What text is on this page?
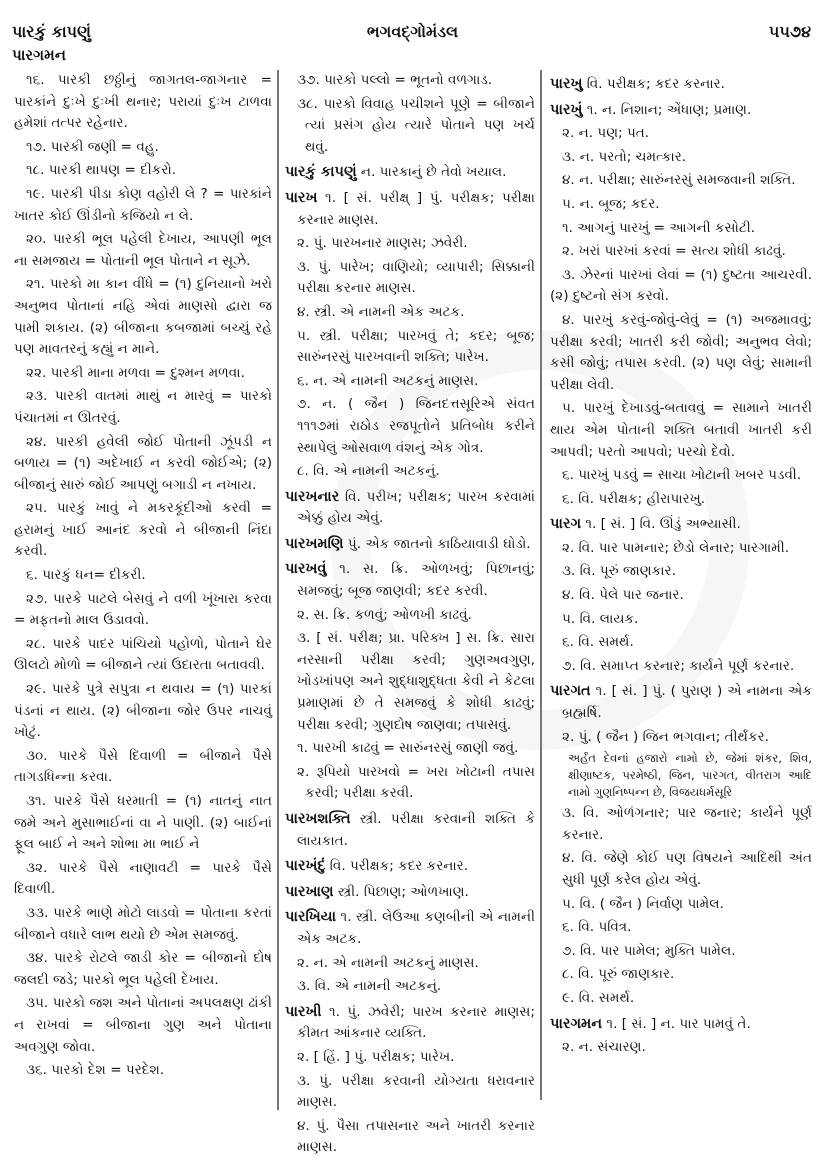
પારકું કાપણું	ભગવદ્ગોમંડલ	૫૫૭૪
પારગમન

૧૬. પારકી છઠ્ઠીનું જાગતલ-જાગનાર = પારકાંને દુઃખે દુઃખી થનાર; પરાયાં દુઃખ ટાળવા હમેશાં તત્પર રહેનાર.

૧૭. પારકી જણી = વહુ.

૧૮. પારકી થાપણ = દીકરો.

૧૯. પારકી પીડા કોણ વહોરી લે ? = પારકાંને ખાતર કોઈ ઊંડીનો કજિયો ન લે.

૨૦. પારકી ભૂલ પહેલી દેખાય, આપણી ભૂલ ના સમજાય = પોતાની ભૂલ પોતાને ન સૂઝે.

૨૧. પારકો મા કાન વીંધે = (૧) દુનિયાનો ખરો અનુભવ પોતાનાં નહિ એવાં માણસો દ્વારા જ પામી શકાય. (૨) બીજાના કબજામાં બચ્ચું રહે પણ માવતરનું કહ્યું ન માને.

૨૨. પારકી માના મળવા = દુશ્મન મળવા.

૨૩. પારકી વાતમાં માથું ન મારવું = પારકો પંચાતમાં ન ઊતરવું.

૨૪. પારકી હવેલી જોઈ પોતાની ઝૂંપડી ન બળાય = (૧) અદેખાઈ ન કરવી જોઈએ; (૨) બીજાનું સારું જોઈ આપણું બગાડી ન નખાય.

૨૫. પારકું ખાવું ને મકરકૂંદીઓ કરવી = હરામનું ખાઈ આનંદ કરવો ને બીજાની નિંદા કરવી.

૬. પારકું ધન= દીકરી.

૨૭. પારકે પાટલે બેસવું ને વળી ખૂંખારા કરવા = મફતનો માલ ઉડાવવો.

૨૮. પારકે પાદર પાંચિયો પહોળો, પોતાને ઘેર ઊલટો મોળો = બીજાને ત્યાં ઉદારતા બતાવવી.

૨૯. પારકે પુત્રે સપુત્રા ન થવાય = (૧) પારકાં પંડનાં ન થાય. (૨) બીજાના જોર ઉપર નાચવું ખોટું.

૩૦. પારકે પૈસે દિવાળી = બીજાને પૈસે તાગડધિન્ના કરવા.

૩૧. પારકે પૈસે ધરમાતી = (૧) નાતનું નાત જમે અને મુસાભાઈનાં વા ને પાણી. (૨) બાઈનાં ફૂલ બાઈ ને અને શોભા મા ભાઈ ને

૩૨. પારકે પૈસે નાણાવટી = પારકે પૈસે દિવાળી.

૩૩. પારકે ભાણે મોટો લાડવો = પોતાના કરતાં બીજાને વધારે લાભ થયો છે એમ સમજવું.

૩૪. પારકે રોટલે જાડી કોર = બીજાનો દોષ જલદી જડે; પારકો ભૂલ પહેલી દેખાય.

૩૫. પારકો જશ અને પોતાનાં અપલક્ષણ ઢાંકી ન રાખવાં = બીજાના ગુણ અને પોતાના અવગુણ જોવા.

૩૬. પારકો દેશ = પરદેશ.

૩૭. પારકો પલ્લો = ભૂતનો વળગાડ.

૩૮. પારકો વિવાહ પચીશને પૂણે = બીજાને ત્યાં પ્રસંગ હોય ત્યારે પોતાને પણ ખર્ચ થવું.

પારકું કાપણું ન. પારકાનું છે તેવો ખયાલ.

પારખ ૧. [ સં. પરીક્ષ્ ] પું. પરીક્ષક; પરીક્ષા કરનાર માણસ.

૨. પું. પારખનાર માણસ; ઝવેરી.

૩. પું. પારેખ; વાણિયો; વ્યાપારી; સિક્કાની પરીક્ષા કરનાર માણસ.

૪. સ્ત્રી. એ નામની એક અટક.

૫. સ્ત્રી. પરીક્ષા; પારખવું તે; કદર; બૂજ; સારુંનરસું પારખવાની શક્તિ; પારેખ.

૬. ન. એ નામની અટકનું માણસ.

૭. ન. ( જૈન ) જિનદત્તસૂરિએ સંવત ૧૧૧૭માં રાઠોડ રજપૂતોને પ્રતિબોધ કરીને સ્થાપેલું ઓસવાળ વંશનું એક ગોત્ર.

૮. વિ. એ નામની અટકનું.

પારખનાર વિ. પરીખ; પરીક્ષક; પારખ કરવામાં એક્કું હોય એવું.

પારખમણિ પું. એક જાતનો કાઠિયાવાડી ઘોડો.

પારખવું ૧. સ. ક્રિ. ઓળખવું; પિછાનવું; સમજવું; બૂજ જાણવી; કદર કરવી.

૨. સ. ક્રિ. કળવું; ઓળખી કાઢવું.

૩. [ સં. પરીક્ષ; પ્રા. પરિક્ખ ] સ. ક્રિ. સારા નરસાની પરીક્ષા કરવી; ગુણઅવગુણ, ખોડખાંપણ અને શુદ્ધાશુદ્ધતા કેવી ને કેટલા પ્રમાણમાં છે તે સમજવું કે શોધી કાઢવું; પરીક્ષા કરવી; ગુણદોષ જાણવા; તપાસવું.

૧. પારખી કાઢવું = સારુંનરસું જાણી જવું.

૨. રૂપિયો પારખવો = ખરા ખોટાની તપાસ કરવી; પરીક્ષા કરવી.

પારખશક્તિ સ્ત્રી. પરીક્ષા કરવાની શક્તિ કે લાયકાત.

પારખંદું વિ. પરીક્ષક; કદર કરનાર.

પારખાણ સ્ત્રી. પિછાણ; ઓળખાણ.

પારખિયા ૧. સ્ત્રી. લેઉઆ કણબીની એ નામની એક અટક.

૨. ન. એ નામની અટકનું માણસ.

૩. વિ. એ નામની અટકનું.

પારખી ૧. પું. ઝવેરી; પારખ કરનાર માણસ; કીમત આંકનાર વ્યક્તિ.

૨. [ હિં. ] પું. પરીક્ષક; પારેખ.

૩. પું. પરીક્ષા કરવાની યોગ્યતા ધરાવનાર માણસ.

૪. પું. પૈસા તપાસનાર અને ખાતરી કરનાર માણસ.

પારખુ વિ. પરીક્ષક; કદર કરનાર.

પારખું ૧. ન. નિશાન; એંધાણ; પ્રમાણ.

૨. ન. પણ; પત.

૩. ન. પરતો; ચમત્કાર.

૪. ન. પરીક્ષા; સારુંનરસું સમજવાની શક્તિ.

૫. ન. બૂજ; કદર.

૧. આગનું પારખું = આગની કસોટી.

૨. ખરાં પારખાં કરવાં = સત્ય શોધી કાઢવું.

૩. ઝેરનાં પારખાં લેવાં = (૧) દુષ્ટતા આચરવી. (૨) દુષ્ટનો સંગ કરવો.

૪. પારખું કરવું-જોવું-લેવું = (૧) અજમાવવું; પરીક્ષા કરવી; ખાતરી કરી જોવી; અનુભવ લેવો; કસી જોવું; તપાસ કરવી. (૨) પણ લેવું; સામાની પરીક્ષા લેવી.

૫. પારખું દેખાડવું-બતાવવું = સામાને ખાતરી થાય એમ પોતાની શક્તિ બતાવી ખાતરી કરી આપવી; પરતો આપવો; પરચો દેવો.

૬. પારખું પડવું = સાચા ખોટાની ખબર પડવી.

૬. વિ. પરીક્ષક; હીરાપારખુ.

પારગ ૧. [ સં. ] વિ. ઊંડું અભ્યાસી.

૨. વિ. પાર પામનાર; છેડો લેનાર; પારગામી.

૩. વિ. પૂરું જાણકાર.

૪. વિ. પેલે પાર જનાર.

૫. વિ. લાયક.

૬. વિ. સમર્થ.

૭. વિ. સમાપ્ત કરનાર; કાર્યને પૂર્ણ કરનાર.

પારગત ૧. [ સં. ] પું. ( પુરાણ ) એ નામના એક બ્રહ્મર્ષિ.

૨. પું. ( જૈન ) જિન ભગવાન; તીર્થંકર.

અર્હંત દેવનાં હજારો નામો છે, જેમાં શંકર, શિવ, ક્ષીણાષ્ટક, પરમેષ્ઠી, જિન, પારગત, વીતરાગ આદિ નામો ગુણનિષ્પન્ન છે, વિજયધર્મસૂરિ

૩. વિ. ઓળંગનાર; પાર જનાર; કાર્યને પૂર્ણ કરનાર.

૪. વિ. જેણે કોઈ પણ વિષયને આદિથી અંત સુધી પૂર્ણ કરેલ હોય એવું.

૫. વિ. ( જૈન ) નિર્વાણ પામેલ.

૬. વિ. પવિત્ર.

૭. વિ. પાર પામેલ; મુક્તિ પામેલ.

૮. વિ. પૂરું જાણકાર.

૯. વિ. સમર્થ.

પારગમન ૧. [ સં. ] ન. પાર પામવું તે.

૨. ન. સંચારણ.
